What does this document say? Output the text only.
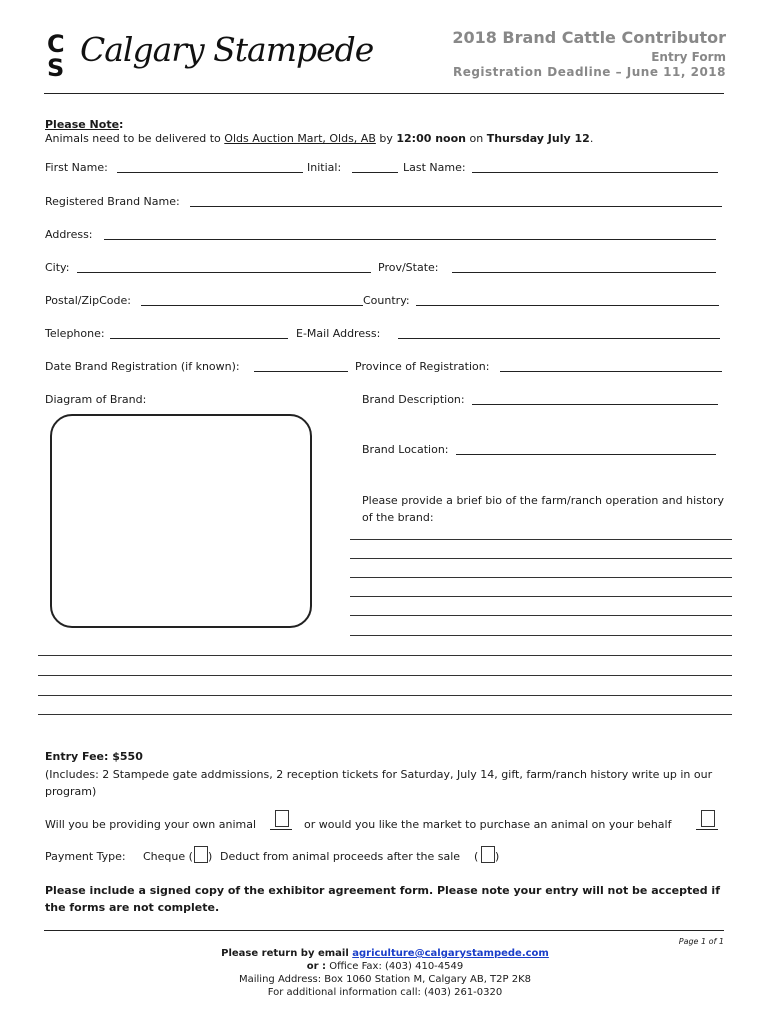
C
S Calgary Stampede	2018 Brand Cattle Contributor
Entry Form
Registration Deadline – June 11, 2018
Please Note:
Animals need to be delivered to Olds Auction Mart, Olds, AB by 12:00 noon on Thursday July 12.
First Name:	Initial:	Last Name:
Registered Brand Name:
Address:
City:	Prov/State:
Postal/ZipCode:	Country:
Telephone:	E-Mail Address:
Date Brand Registration (if known):	Province of Registration:
Diagram of Brand:	Brand Description:
Brand Location:
Please provide a brief bio of the farm/ranch operation and history of the brand:
Entry Fee: $550
(Includes: 2 Stampede gate addmissions, 2 reception tickets for Saturday, July 14, gift, farm/ranch history write up in our program)
Will you be providing your own animal	or would you like the market to purchase an animal on your behalf
Payment Type: Cheque ( ) Deduct from animal proceeds after the sale ( )
Please include a signed copy of the exhibitor agreement form. Please note your entry will not be accepted if the forms are not complete.
Page 1 of 1
Please return by email agriculture@calgarystampede.com
or : Office Fax: (403) 410-4549
Mailing Address: Box 1060 Station M, Calgary AB, T2P 2K8
For additional information call: (403) 261-0320
